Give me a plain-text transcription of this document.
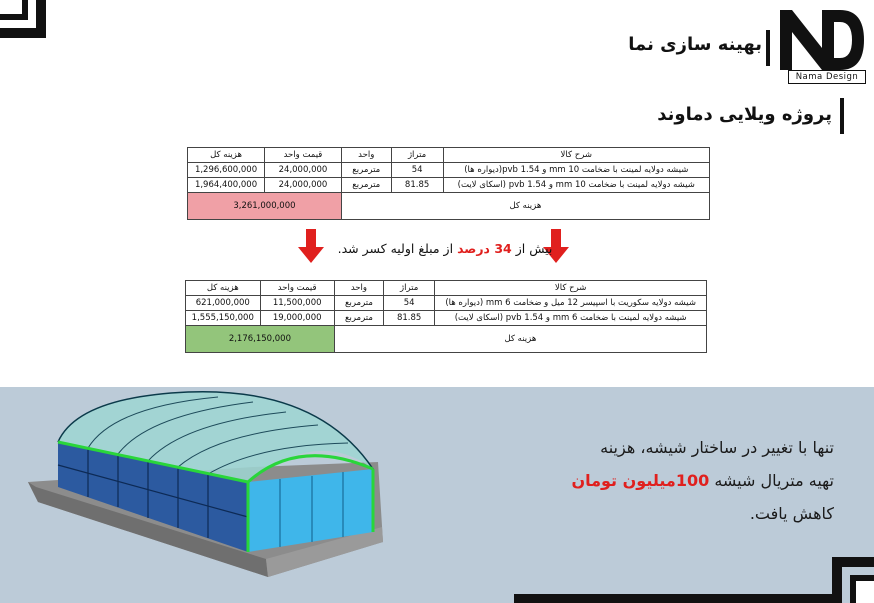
بهینه سازی نما
Nama Design
پروژه ویلایی دماوند
شرح کالا	متراژ	واحد	قیمت واحد	هزینه کل
شیشه دولایه لمینت با ضخامت 10 mm و 1.54 pvb(دیواره ها)	54	مترمربع	24,000,000	1,296,600,000
شیشه دولایه لمینت با ضخامت 10 mm و 1.54 pvb (اسکای لایت)	81.85	مترمربع	24,000,000	1,964,400,000
هزینه کل			3,261,000,000	
بیش از 34 درصد از مبلغ اولیه کسر شد.
شرح کالا	متراژ	واحد	قیمت واحد	هزینه کل
شیشه دولایه سکوریت با اسپیسر 12 میل و ضخامت 6 mm (دیواره ها)	54	مترمربع	11,500,000	621,000,000
شیشه دولایه لمینت با ضخامت 6 mm و 1.54 pvb (اسکای لایت)	81.85	مترمربع	19,000,000	1,555,150,000
هزینه کل			2,176,150,000	
تنها با تغییر در ساختار شیشه، هزینه
تهیه متریال شیشه 100میلیون تومان
کاهش یافت.
